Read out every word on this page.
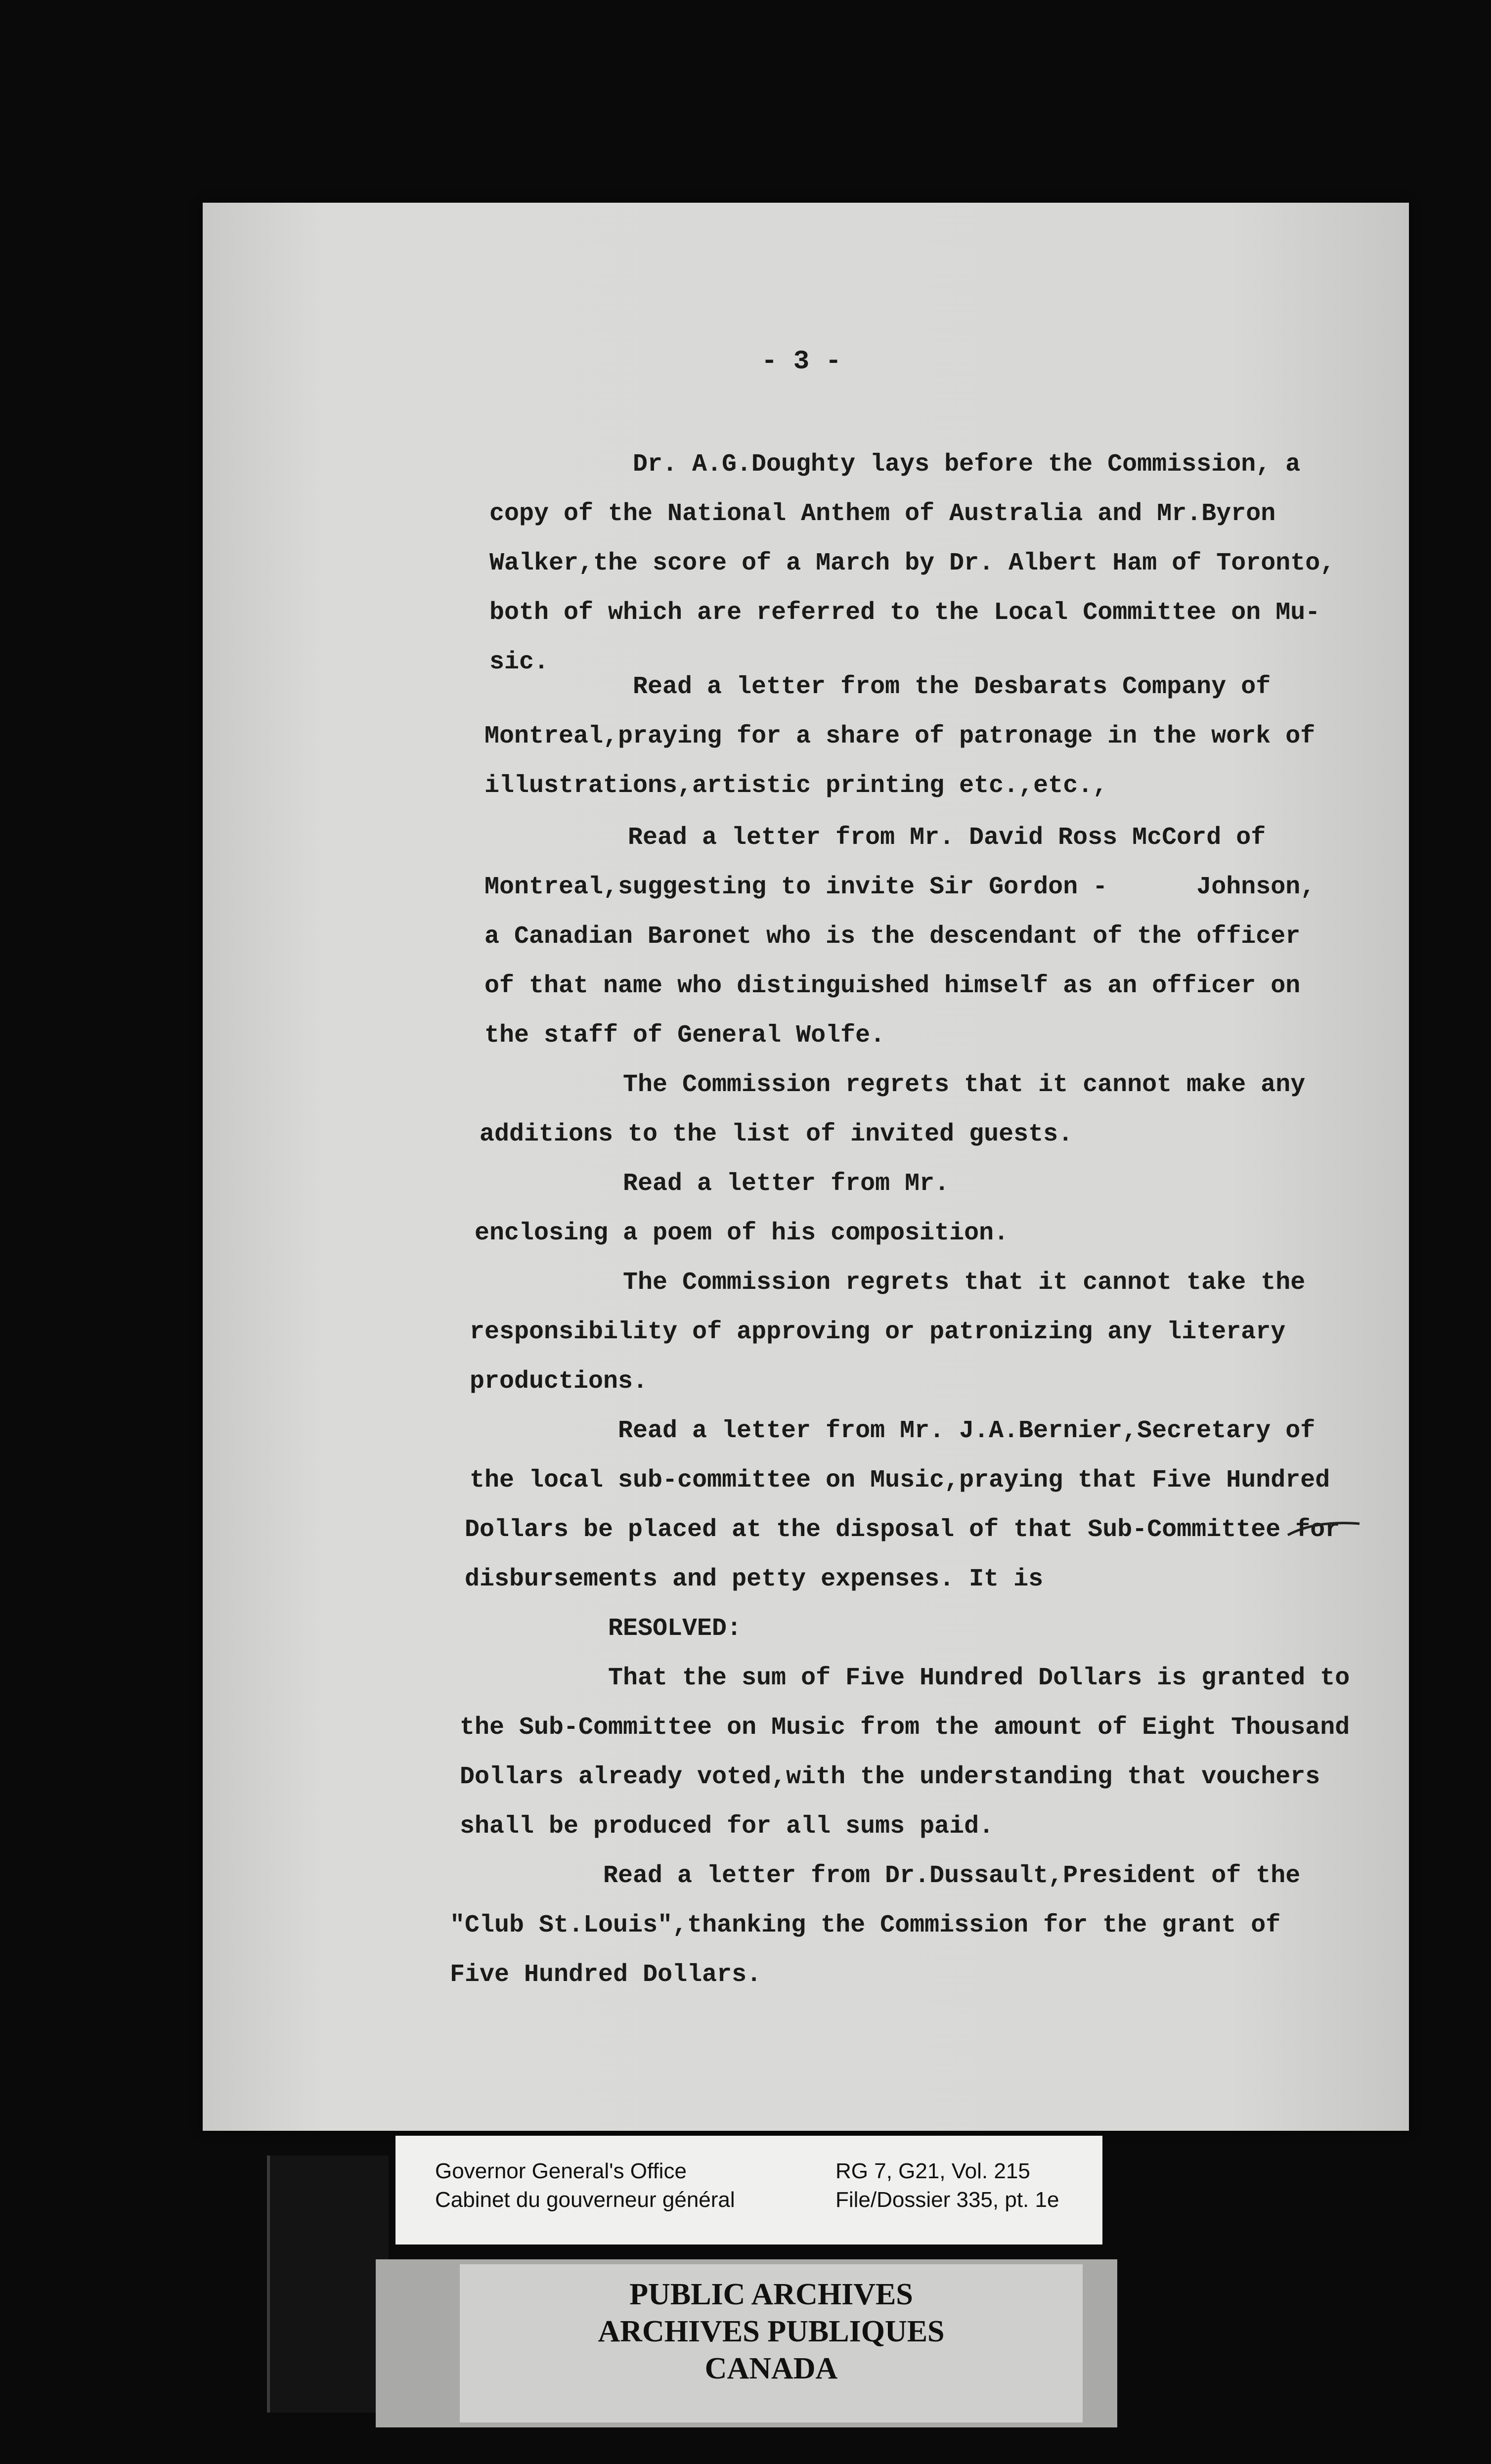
- 3 -
Dr. A.G.Doughty lays before the Commission, a
copy of the National Anthem of Australia and Mr.Byron
Walker,the score of a March by Dr. Albert Ham of Toronto,
both of which are referred to the Local Committee on Mu-
sic.
Read a letter from the Desbarats Company of
Montreal,praying for a share of patronage in the work of
illustrations,artistic printing etc.,etc.,
Read a letter from Mr. David Ross McCord of
Montreal,suggesting to invite Sir Gordon -      Johnson,
a Canadian Baronet who is the descendant of the officer
of that name who distinguished himself as an officer on
the staff of General Wolfe.
The Commission regrets that it cannot make any
additions to the list of invited guests.
Read a letter from Mr.
enclosing a poem of his composition.
The Commission regrets that it cannot take the
responsibility of approving or patronizing any literary
productions.
Read a letter from Mr. J.A.Bernier,Secretary of
the local sub-committee on Music,praying that Five Hundred
Dollars be placed at the disposal of that Sub-Committee for
disbursements and petty expenses. It is
RESOLVED:
That the sum of Five Hundred Dollars is granted to
the Sub-Committee on Music from the amount of Eight Thousand
Dollars already voted,with the understanding that vouchers
shall be produced for all sums paid.
Read a letter from Dr.Dussault,President of the
"Club St.Louis",thanking the Commission for the grant of
Five Hundred Dollars.
Governor General's Office
Cabinet du gouverneur général
RG 7, G21, Vol. 215
File/Dossier 335, pt. 1e
PUBLIC ARCHIVES
ARCHIVES PUBLIQUES
CANADA
